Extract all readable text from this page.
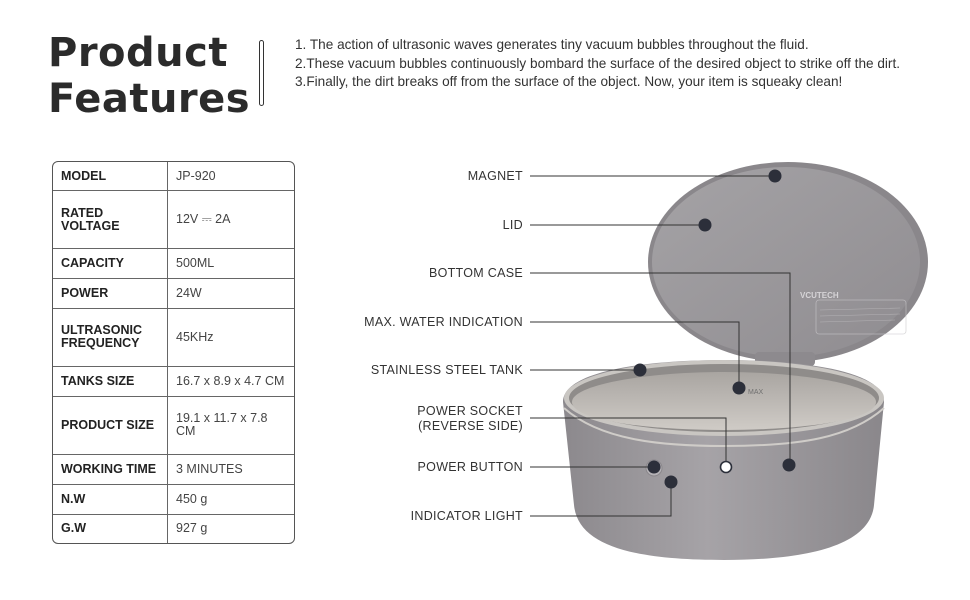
Product
Features
1. The action of ultrasonic waves generates tiny vacuum bubbles throughout the fluid.
2.These vacuum bubbles continuously bombard the surface of the desired object to strike off the dirt.
3.Finally, the dirt breaks off from the surface of the object. Now, your item is squeaky clean!
MODEL	JP-920
RATED VOLTAGE	12V ⎓ 2A
CAPACITY	500ML
POWER	24W
ULTRASONIC FREQUENCY	45KHz
TANKS SIZE	16.7 x 8.9 x 4.7 CM
PRODUCT SIZE	19.1 x 11.7 x 7.8 CM
WORKING TIME	3 MINUTES
N.W	450 g
G.W	927 g
VCUTECH
MAX
MAGNET
LID
BOTTOM CASE
MAX. WATER INDICATION
STAINLESS STEEL TANK
POWER SOCKET
(REVERSE SIDE)
POWER BUTTON
INDICATOR LIGHT
